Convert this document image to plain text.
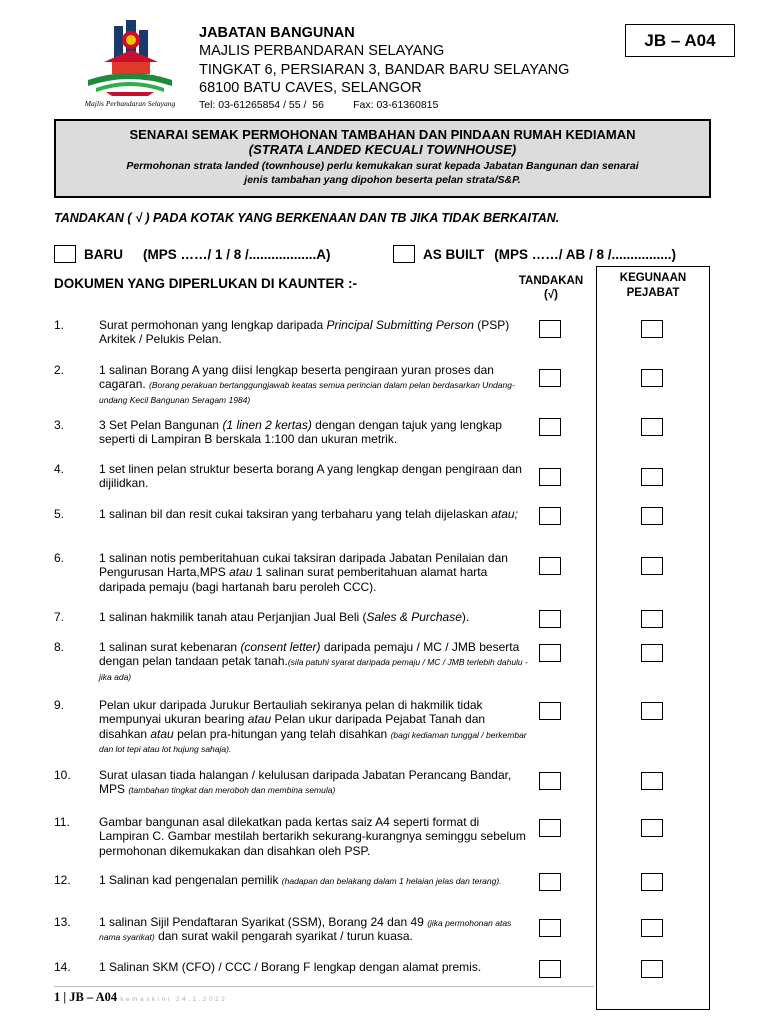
Majlis Perbandaran Selayang
JABATAN BANGUNAN
MAJLIS PERBANDARAN SELAYANG
TINGKAT 6, PERSIARAN 3, BANDAR BARU SELAYANG
68100 BATU CAVES, SELANGOR
Tel: 03-61265854 / 55 /  56          Fax: 03-61360815
JB – A04
SENARAI SEMAK PERMOHONAN TAMBAHAN DAN PINDAAN RUMAH KEDIAMAN
(STRATA LANDED KECUALI TOWNHOUSE)
Permohonan strata landed (townhouse) perlu kemukakan surat kepada Jabatan Bangunan dan senarai jenis tambahan yang dipohon beserta pelan strata/S&P.
TANDAKAN ( √ ) PADA KOTAK YANG BERKENAAN DAN TB JIKA TIDAK BERKAITAN.
BARU (MPS ……/ 1 / 8 /..................A)	AS BUILT (MPS ……/ AB / 8 /................)
DOKUMEN YANG DIPERLUKAN DI KAUNTER :-	TANDAKAN
(√)
KEGUNAAN
PEJABAT
1.	Surat permohonan yang lengkap daripada Principal Submitting Person (PSP) Arkitek / Pelukis Pelan.
2.	1 salinan Borang A yang diisi lengkap beserta pengiraan yuran proses dan cagaran. (Borang perakuan bertanggungjawab keatas semua perincian dalam pelan berdasarkan Undang-undang Kecil Bangunan Seragam 1984)
3.	3 Set Pelan Bangunan (1 linen 2 kertas) dengan dengan tajuk yang lengkap seperti di Lampiran B berskala 1:100 dan ukuran metrik.
4.	1 set linen pelan struktur beserta borang A yang lengkap dengan pengiraan dan dijilidkan.
5.	1 salinan bil dan resit cukai taksiran yang terbaharu yang telah dijelaskan atau;
6.	1 salinan notis pemberitahuan cukai taksiran daripada Jabatan Penilaian dan Pengurusan Harta,MPS atau 1 salinan surat pemberitahuan alamat harta daripada pemaju (bagi hartanah baru peroleh CCC).
7.	1 salinan hakmilik tanah atau Perjanjian Jual Beli (Sales & Purchase).
8.	1 salinan surat kebenaran (consent letter) daripada pemaju / MC / JMB beserta dengan pelan tandaan petak tanah.(sila patuhi syarat daripada pemaju / MC / JMB terlebih dahulu - jika ada)
9.	Pelan ukur daripada Jurukur Bertauliah sekiranya pelan di hakmilik tidak mempunyai ukuran bearing atau Pelan ukur daripada Pejabat Tanah dan disahkan atau pelan pra-hitungan yang telah disahkan (bagi kediaman tunggal / berkembar dan lot tepi atau lot hujung sahaja).
10. Surat ulasan tiada halangan / kelulusan daripada Jabatan Perancang Bandar, MPS (tambahan tingkat dan meroboh dan membina semula)
11. Gambar bangunan asal dilekatkan pada kertas saiz A4 seperti format di Lampiran C. Gambar mestilah bertarikh sekurang-kurangnya seminggu sebelum permohonan dikemukakan dan disahkan oleh PSP.
12. 1 Salinan kad pengenalan pemilik (hadapan dan belakang dalam 1 helaian jelas dan terang).
13. 1 salinan Sijil Pendaftaran Syarikat (SSM), Borang 24 dan 49 (jika permohonan atas nama syarikat) dan surat wakil pengarah syarikat / turun kuasa.
14. 1 Salinan SKM (CFO) / CCC / Borang F lengkap dengan alamat premis.
1 | JB – A04 kemaskini 24.1.2022
